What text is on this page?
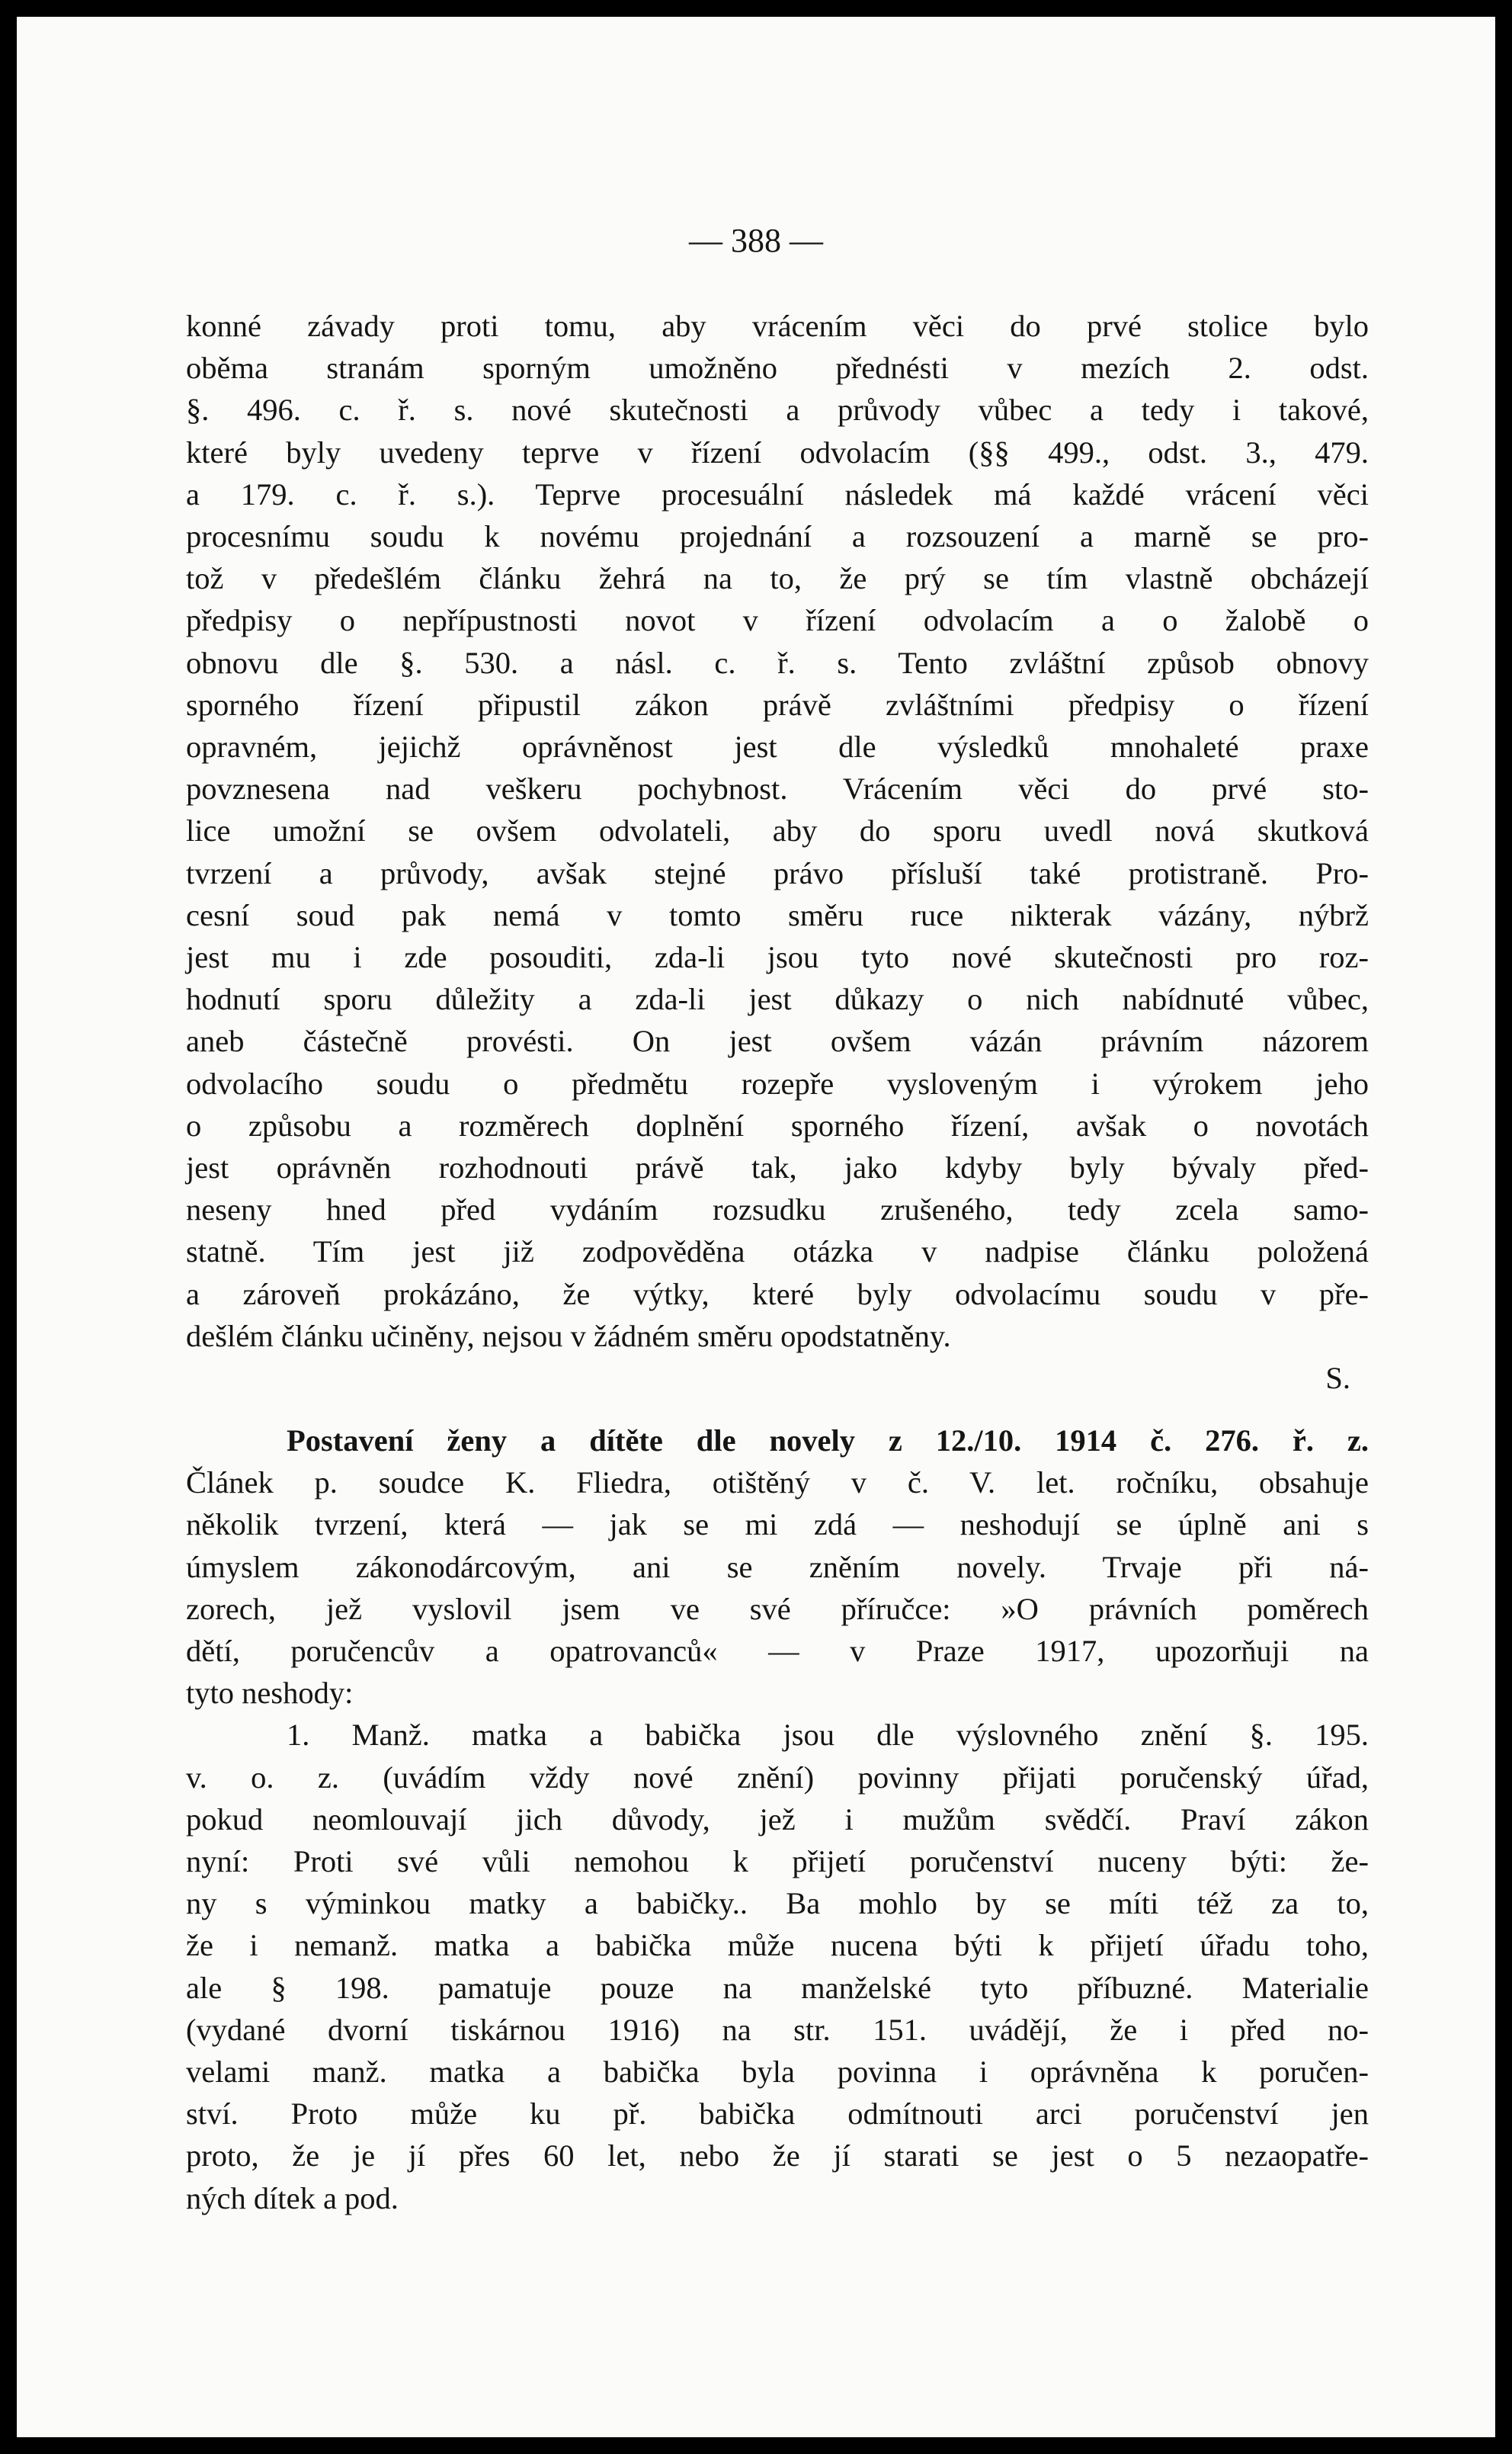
— 388 —

konné závady proti tomu, aby vrácením věci do prvé stolice bylo
oběma stranám sporným umožněno přednésti v mezích 2. odst.
§. 496. c. ř. s. nové skutečnosti a průvody vůbec a tedy i takové,
které byly uvedeny teprve v řízení odvolacím (§§ 499., odst. 3., 479.
a 179. c. ř. s.). Teprve procesuální následek má každé vrácení věci
procesnímu soudu k novému projednání a rozsouzení a marně se pro-
tož v předešlém článku žehrá na to, že prý se tím vlastně obcházejí
předpisy o nepřípustnosti novot v řízení odvolacím a o žalobě o
obnovu dle §. 530. a násl. c. ř. s. Tento zvláštní způsob obnovy
sporného řízení připustil zákon právě zvláštními předpisy o řízení
opravném, jejichž oprávněnost jest dle výsledků mnohaleté praxe
povznesena nad veškeru pochybnost. Vrácením věci do prvé sto-
lice umožní se ovšem odvolateli, aby do sporu uvedl nová skutková
tvrzení a průvody, avšak stejné právo přísluší také protistraně. Pro-
cesní soud pak nemá v tomto směru ruce nikterak vázány, nýbrž
jest mu i zde posouditi, zda-li jsou tyto nové skutečnosti pro roz-
hodnutí sporu důležity a zda-li jest důkazy o nich nabídnuté vůbec,
aneb částečně provésti. On jest ovšem vázán právním názorem
odvolacího soudu o předmětu rozepře vysloveným i výrokem jeho
o způsobu a rozměrech doplnění sporného řízení, avšak o novotách
jest oprávněn rozhodnouti právě tak, jako kdyby byly bývaly před-
neseny hned před vydáním rozsudku zrušeného, tedy zcela samo-
statně. Tím jest již zodpověděna otázka v nadpise článku položená
a zároveň prokázáno, že výtky, které byly odvolacímu soudu v pře-
dešlém článku učiněny, nejsou v žádném směru opodstatněny.

S.

Postavení ženy a dítěte dle novely z 12./10. 1914 č. 276. ř. z.
Článek p. soudce K. Fliedra, otištěný v č. V. let. ročníku, obsahuje
několik tvrzení, která — jak se mi zdá — neshodují se úplně ani s
úmyslem zákonodárcovým, ani se zněním novely. Trvaje při ná-
zorech, jež vyslovil jsem ve své příručce: »O právních poměrech
dětí, poručencův a opatrovanců« — v Praze 1917, upozorňuji na
tyto neshody:

1. Manž. matka a babička jsou dle výslovného znění §. 195.
v. o. z. (uvádím vždy nové znění) povinny přijati poručenský úřad,
pokud neomlouvají jich důvody, jež i mužům svědčí. Praví zákon
nyní: Proti své vůli nemohou k přijetí poručenství nuceny býti: že-
ny s výminkou matky a babičky.. Ba mohlo by se míti též za to,
že i nemanž. matka a babička může nucena býti k přijetí úřadu toho,
ale § 198. pamatuje pouze na manželské tyto příbuzné. Materialie
(vydané dvorní tiskárnou 1916) na str. 151. uvádějí, že i před no-
velami manž. matka a babička byla povinna i oprávněna k poručen-
ství. Proto může ku př. babička odmítnouti arci poručenství jen
proto, že je jí přes 60 let, nebo že jí starati se jest o 5 nezaopatře-
ných dítek a pod.
